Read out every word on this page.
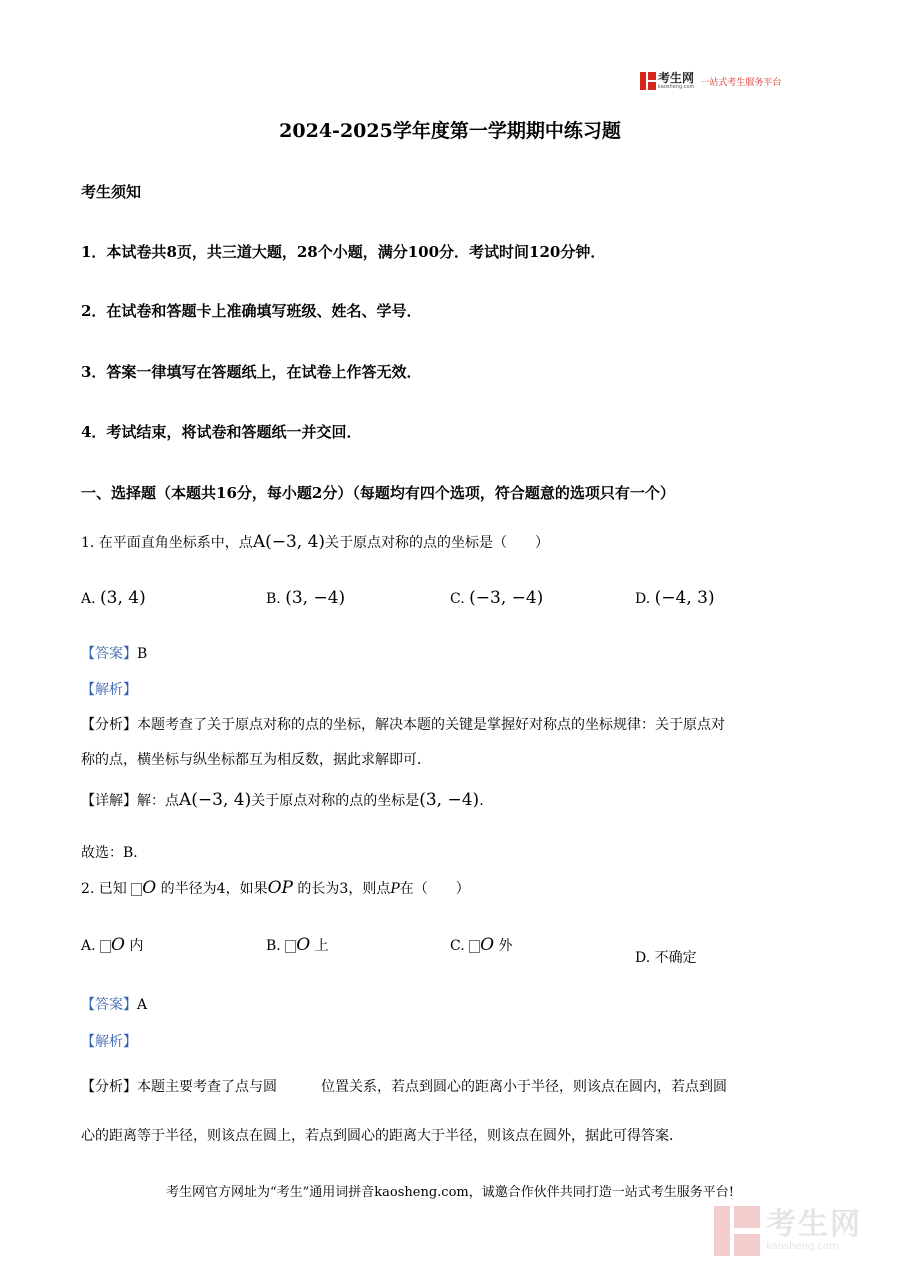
考生网
kaosheng.com 一站式考生服务平台
2024-2025学年度第一学期期中练习题
考生须知
1．本试卷共8页，共三道大题，28个小题，满分100分．考试时间120分钟．
2．在试卷和答题卡上准确填写班级、姓名、学号．
3．答案一律填写在答题纸上，在试卷上作答无效．
4．考试结束，将试卷和答题纸一并交回．
一、选择题（本题共16分，每小题2分）（每题均有四个选项，符合题意的选项只有一个）
1. 在平面直角坐标系中，点A(−3, 4)关于原点对称的点的坐标是（　　）
A. (3, 4)	B. (3, −4)	C. (−3, −4)	D. (−4, 3)
【答案】B
【解析】
【分析】本题考查了关于原点对称的点的坐标，解决本题的关键是掌握好对称点的坐标规律：关于原点对
称的点，横坐标与纵坐标都互为相反数，据此求解即可．
【详解】解：点A(−3, 4)关于原点对称的点的坐标是(3, −4).
故选：B．
2. 已知 O 的半径为4，如果OP 的长为3，则点P在（　　）
A. O 内	B. O 上	C. O 外
D. 不确定
【答案】A
【解析】
【分析】本题主要考查了点与圆	位置关系，若点到圆心的距离小于半径，则该点在圆内，若点到圆
心的距离等于半径，则该点在圆上，若点到圆心的距离大于半径，则该点在圆外，据此可得答案．
考生网官方网址为“考生”通用词拼音kaosheng.com，诚邀合作伙伴共同打造一站式考生服务平台!
考生网
kaosheng.com
